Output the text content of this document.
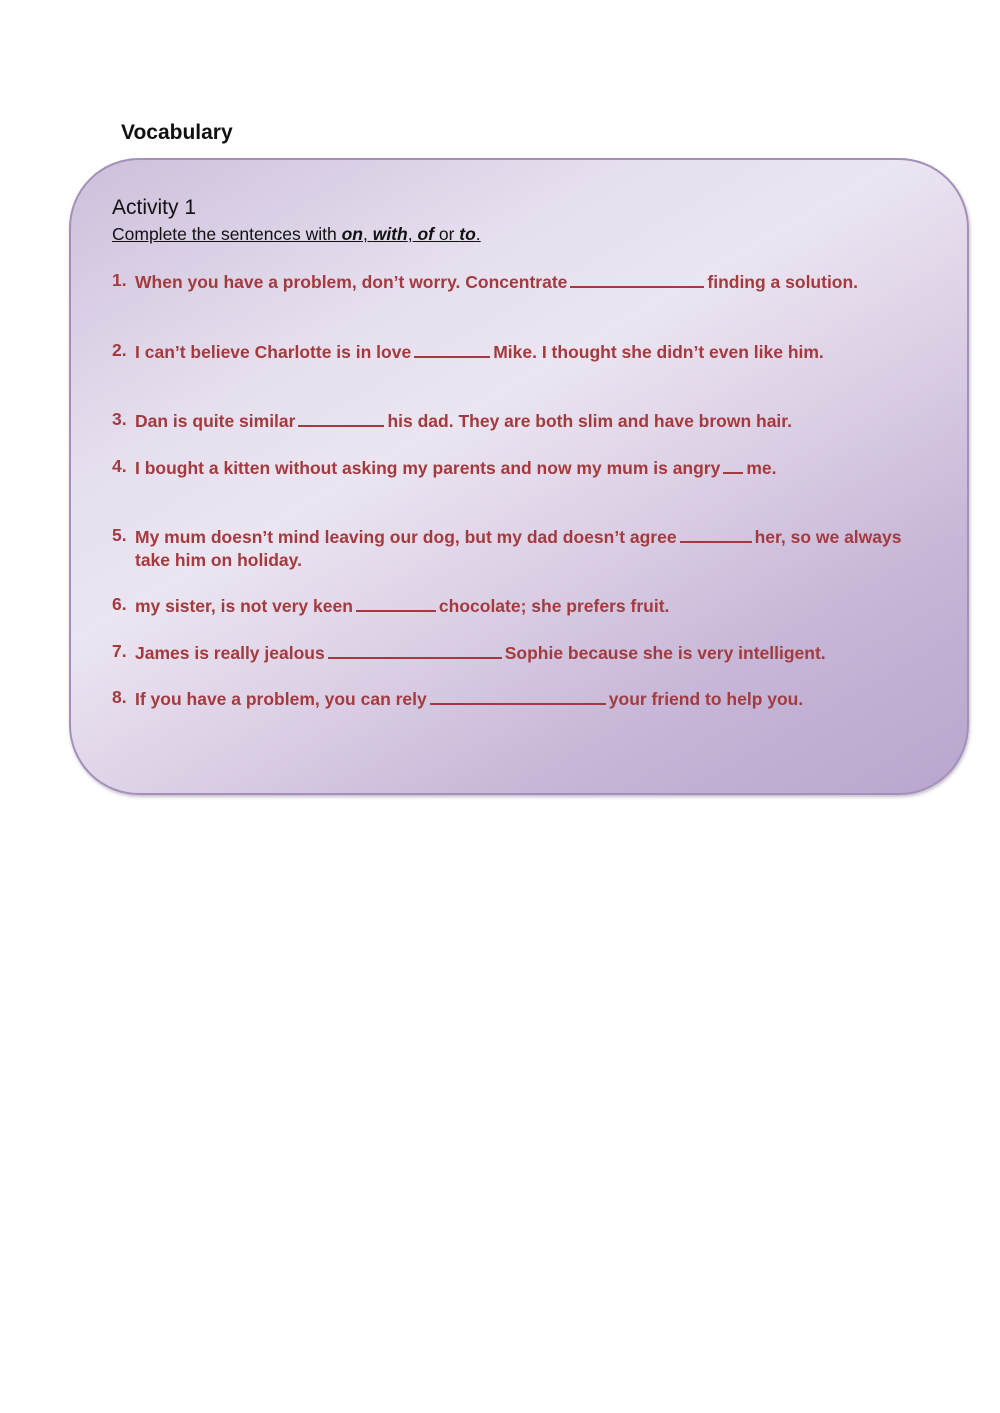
Vocabulary
Activity 1
Complete the sentences with on, with, of or to.
1. When you have a problem, don’t worry. Concentrate	finding a solution.
2. I can’t believe Charlotte is in love	Mike. I thought she didn’t even like him.
3. Dan is quite similar	his dad. They are both slim and have brown hair.
4. I bought a kitten without asking my parents and now my mum is angry me.
5. My mum doesn’t mind leaving our dog, but my dad doesn’t agree	her, so we always take him on holiday.
6. my sister, is not very keen	chocolate; she prefers fruit.
7. James is really jealous	Sophie because she is very intelligent.
8. If you have a problem, you can rely	your friend to help you.
